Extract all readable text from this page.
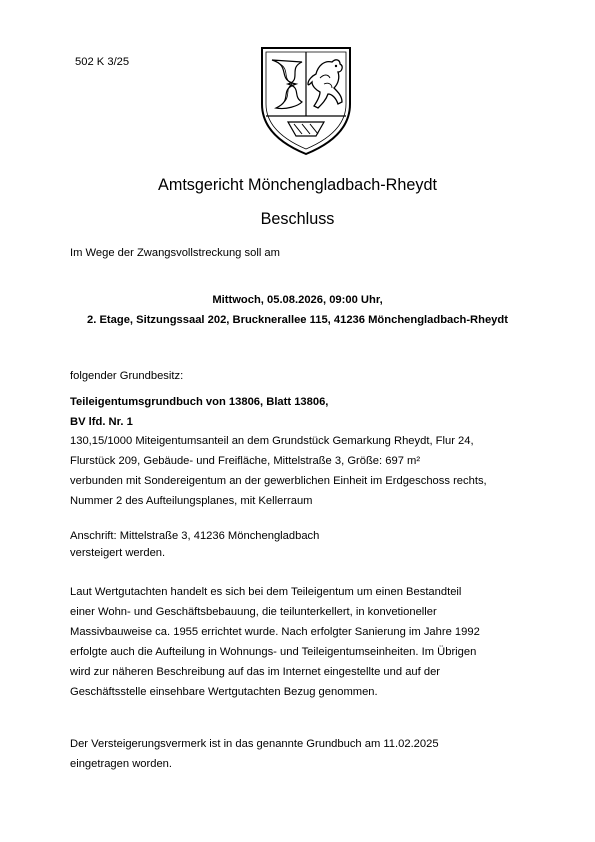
502 K 3/25
Amtsgericht Mönchengladbach-Rheydt
Beschluss
Im Wege der Zwangsvollstreckung soll am
Mittwoch, 05.08.2026, 09:00 Uhr,
2. Etage, Sitzungssaal 202, Brucknerallee 115, 41236 Mönchengladbach-Rheydt
folgender Grundbesitz:
Teileigentumsgrundbuch von 13806, Blatt 13806,
BV lfd. Nr. 1
130,15/1000 Miteigentumsanteil an dem Grundstück Gemarkung Rheydt, Flur 24,
Flurstück 209, Gebäude- und Freifläche, Mittelstraße 3, Größe: 697 m²
verbunden mit Sondereigentum an der gewerblichen Einheit im Erdgeschoss rechts,
Nummer 2 des Aufteilungsplanes, mit Kellerraum
Anschrift: Mittelstraße 3, 41236 Mönchengladbach
versteigert werden.
Laut Wertgutachten handelt es sich bei dem Teileigentum um einen Bestandteil
einer Wohn- und Geschäftsbebauung, die teilunterkellert, in konvetioneller
Massivbauweise ca. 1955 errichtet wurde. Nach erfolgter Sanierung im Jahre 1992
erfolgte auch die Aufteilung in Wohnungs- und Teileigentumseinheiten. Im Übrigen
wird zur näheren Beschreibung auf das im Internet eingestellte und auf der
Geschäftsstelle einsehbare Wertgutachten Bezug genommen.
Der Versteigerungsvermerk ist in das genannte Grundbuch am 11.02.2025
eingetragen worden.
